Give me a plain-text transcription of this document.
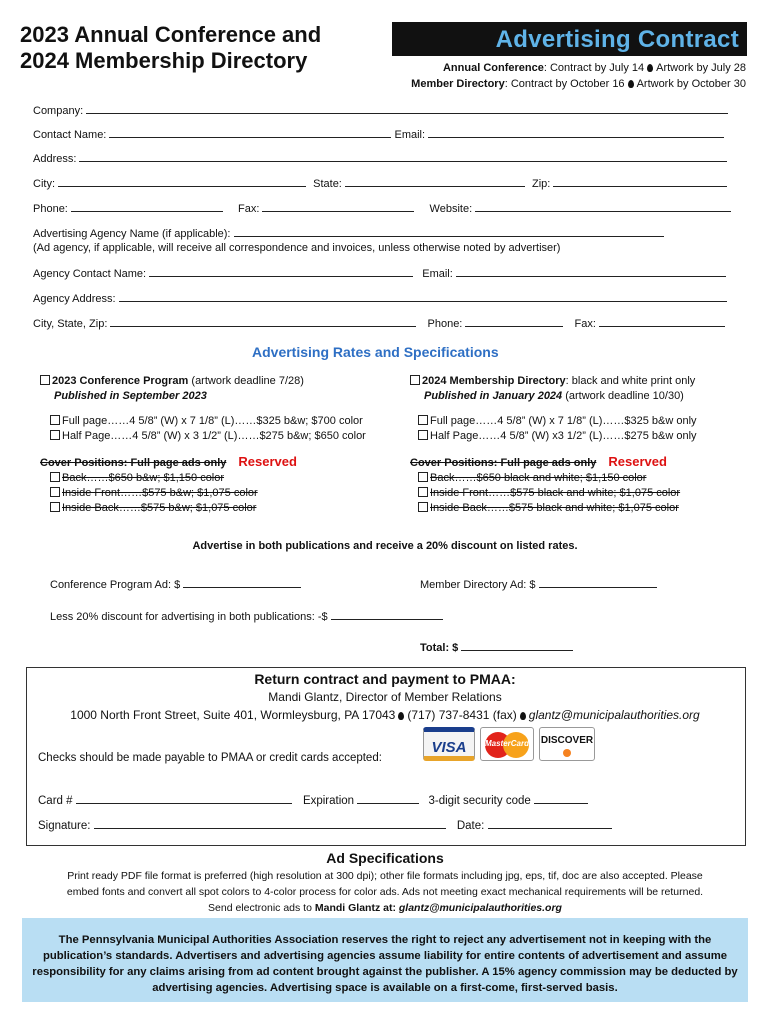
2023 Annual Conference and
2024 Membership Directory
Advertising Contract
Annual Conference: Contract by July 14 Artwork by July 28
Member Directory: Contract by October 16 Artwork by October 30
Company:
Contact Name:	Email:
Address:
City:	State:	Zip:
Phone:	Fax:	Website:
Advertising Agency Name (if applicable):
(Ad agency, if applicable, will receive all correspondence and invoices, unless otherwise noted by advertiser)
Agency Contact Name:	Email:
Agency Address:
City, State, Zip:	Phone:	Fax:
Advertising Rates and Specifications
2023 Conference Program (artwork deadline 7/28)
Published in September 2023
Full page……4 5/8” (W) x 7 1/8” (L)……$325 b&w; $700 color
Half Page……4 5/8” (W) x 3 1/2” (L)……$275 b&w; $650 color
Cover Positions: Full page ads only Reserved
Back……$650 b&w; $1,150 color
Inside Front……$575 b&w; $1,075 color
Inside Back……$575 b&w; $1,075 color
2024 Membership Directory: black and white print only
Published in January 2024 (artwork deadline 10/30)
Full page……4 5/8” (W) x 7 1/8” (L)……$325 b&w only
Half Page……4 5/8” (W) x3 1/2” (L)……$275 b&w only
Cover Positions: Full page ads only Reserved
Back……$650 black and white; $1,150 color
Inside Front……$575 black and white; $1,075 color
Inside Back……$575 black and white; $1,075 color
Advertise in both publications and receive a 20% discount on listed rates.
Conference Program Ad: $	Member Directory Ad: $
Less 20% discount for advertising in both publications: -$
Total: $
Return contract and payment to PMAA:
Mandi Glantz, Director of Member Relations
1000 North Front Street, Suite 401, Wormleysburg, PA 17043 (717) 737-8431 (fax) glantz@municipalauthorities.org
Checks should be made payable to PMAA or credit cards accepted:
VISA	MasterCard	DISCOVER
Card #	Expiration	3-digit security code
Signature:	Date:
Ad Specifications
Print ready PDF file format is preferred (high resolution at 300 dpi); other file formats including jpg, eps, tif, doc are also accepted. Please
embed fonts and convert all spot colors to 4-color process for color ads. Ads not meeting exact mechanical requirements will be returned.
Send electronic ads to Mandi Glantz at: glantz@municipalauthorities.org
The Pennsylvania Municipal Authorities Association reserves the right to reject any advertisement not in keeping with the publication’s standards. Advertisers and advertising agencies assume liability for entire contents of advertisement and assume responsibility for any claims arising from ad content brought against the publisher. A 15% agency commission may be deducted by advertising agencies. Advertising space is available on a first-come, first-served basis.
